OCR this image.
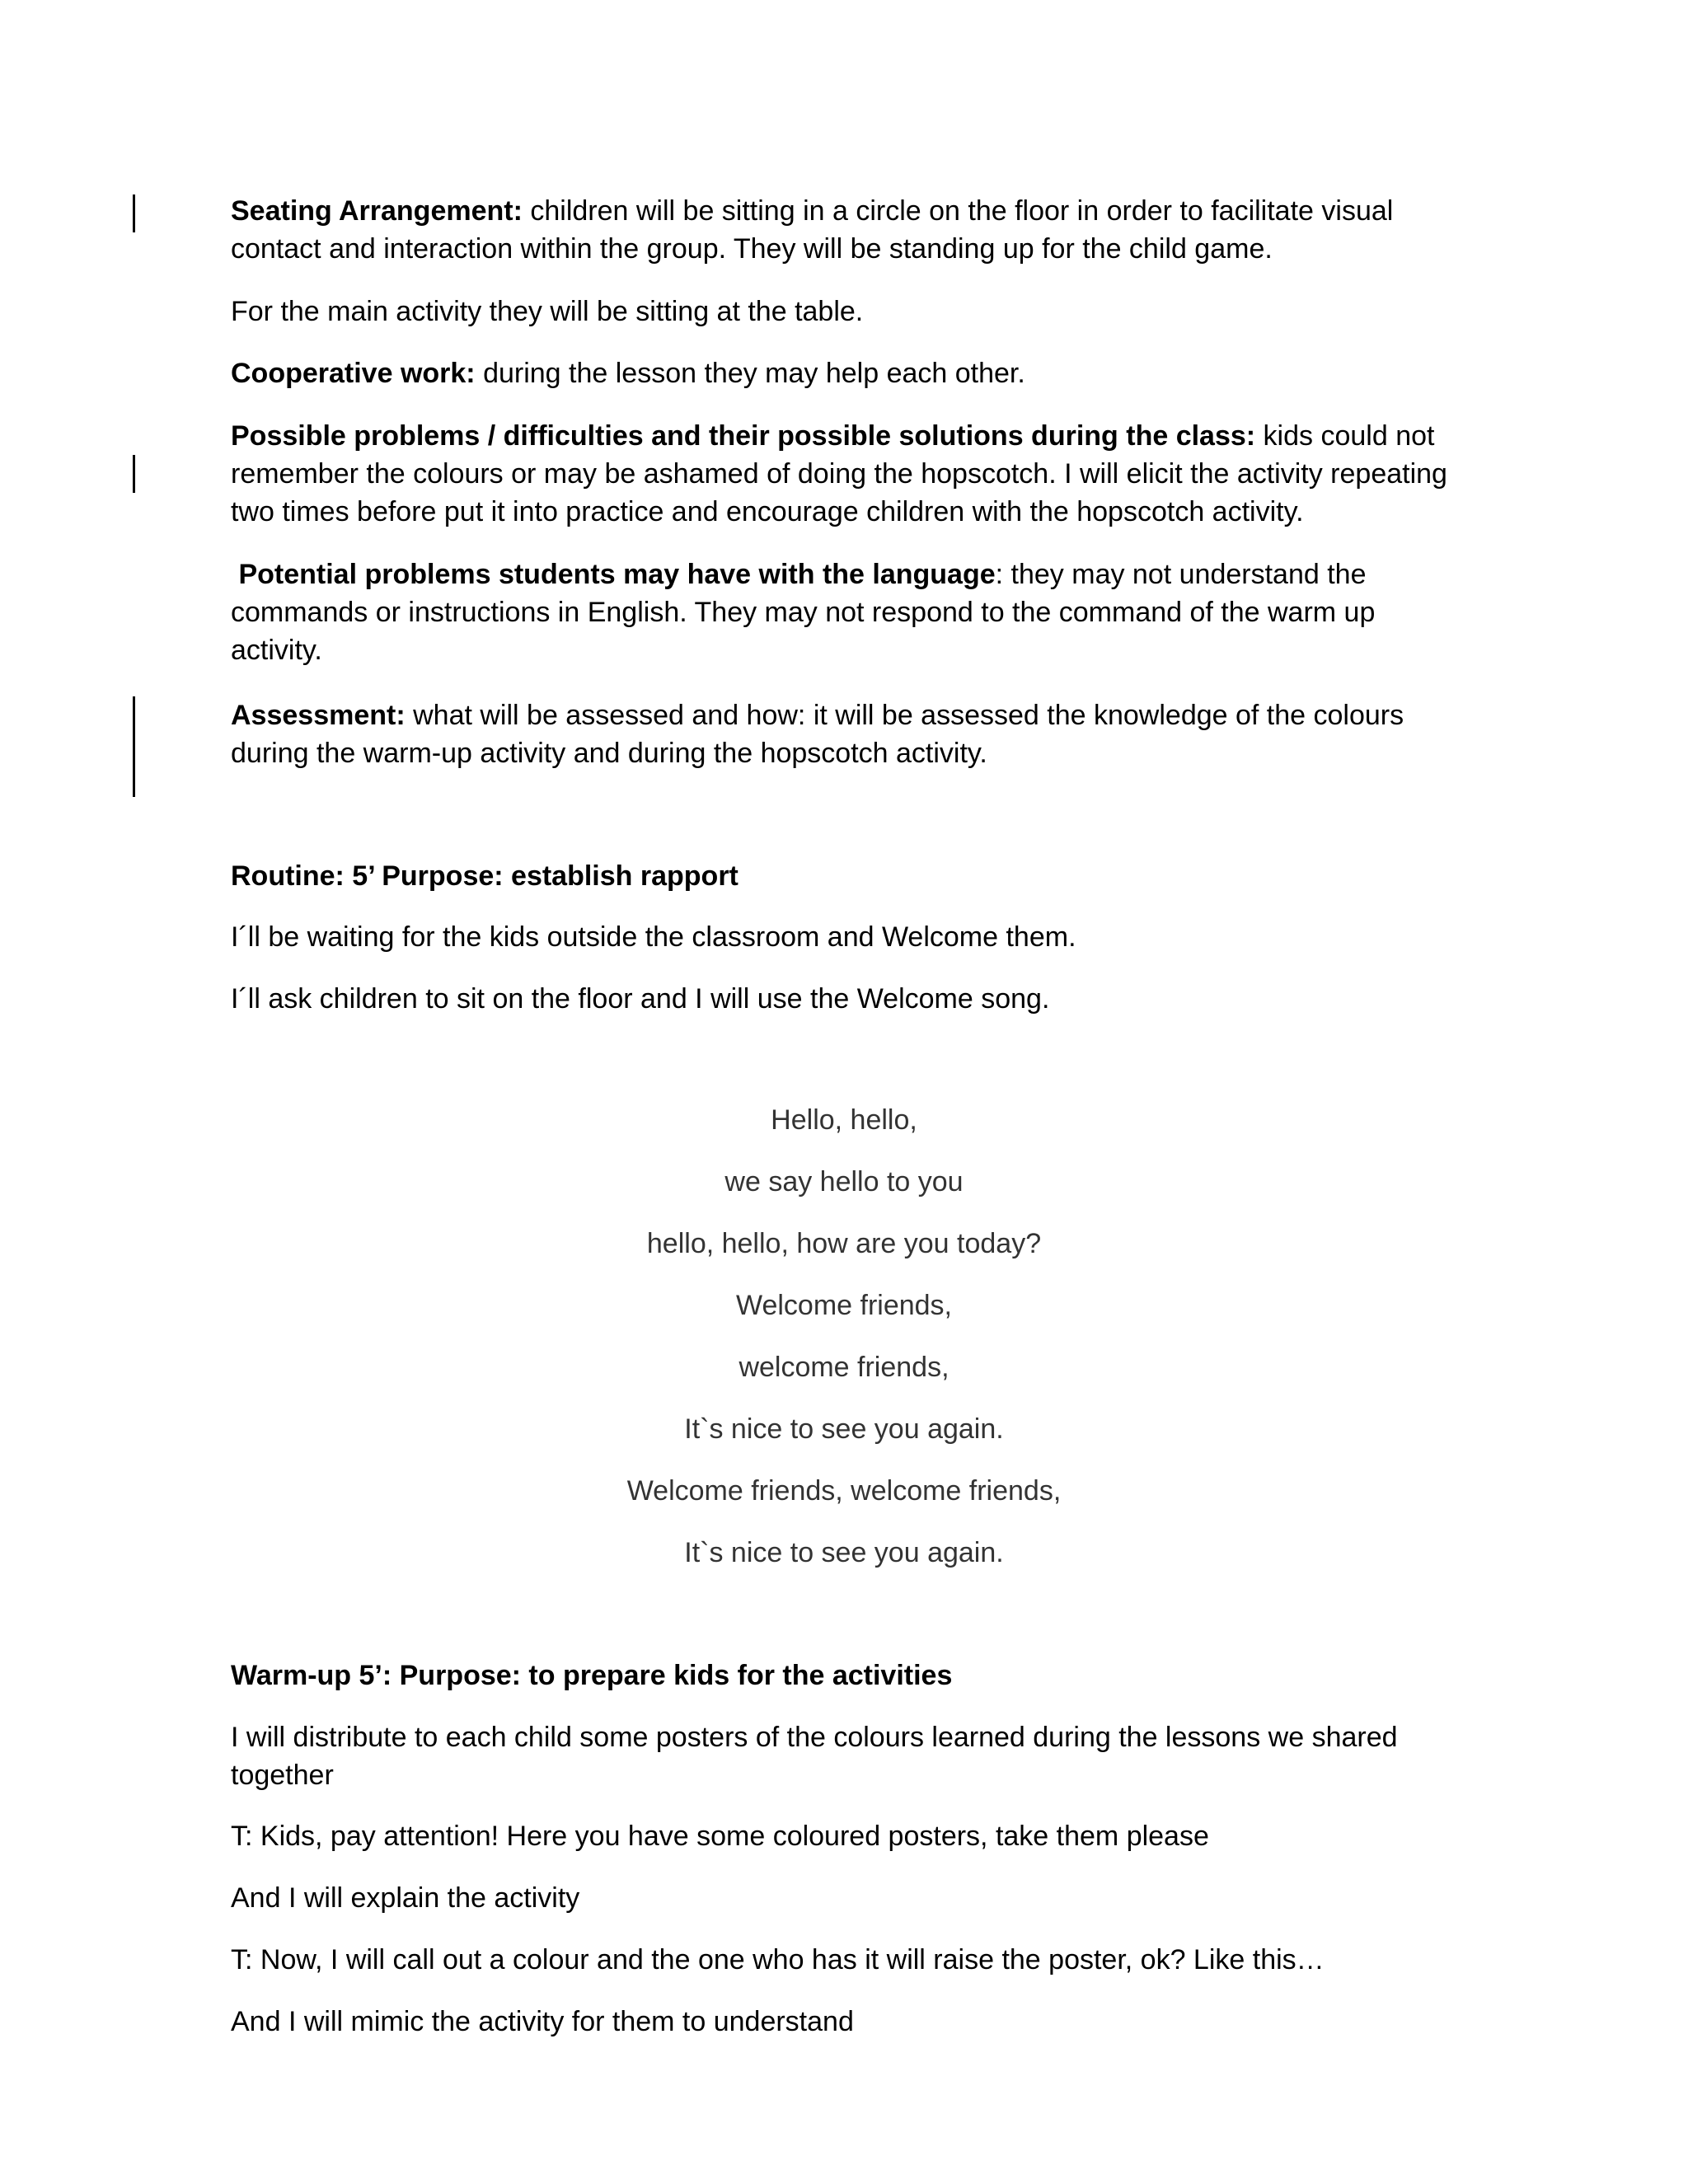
Seating Arrangement: children will be sitting in a circle on the floor in order to facilitate visual contact and interaction within the group. They will be standing up for the child game.

For the main activity they will be sitting at the table.

Cooperative work: during the lesson they may help each other.

Possible problems / difficulties and their possible solutions during the class: kids could not remember the colours or may be ashamed of doing the hopscotch. I will elicit the activity repeating two times before put it into practice and encourage children with the hopscotch activity.

Potential problems students may have with the language: they may not understand the commands or instructions in English. They may not respond to the command of the warm up activity.

Assessment: what will be assessed and how: it will be assessed the knowledge of the colours during the warm-up activity and during the hopscotch activity.

Routine: 5’ Purpose: establish rapport

I´ll be waiting for the kids outside the classroom and Welcome them.

I´ll ask children to sit on the floor and I will use the Welcome song.

Hello, hello,
we say hello to you
hello, hello, how are you today?
Welcome friends,
welcome friends,
It`s nice to see you again.
Welcome friends, welcome friends,
It`s nice to see you again.

Warm-up 5’: Purpose: to prepare kids for the activities

I will distribute to each child some posters of the colours learned during the lessons we shared together

T: Kids, pay attention! Here you have some coloured posters, take them please

And I will explain the activity

T: Now, I will call out a colour and the one who has it will raise the poster, ok? Like this…

And I will mimic the activity for them to understand
